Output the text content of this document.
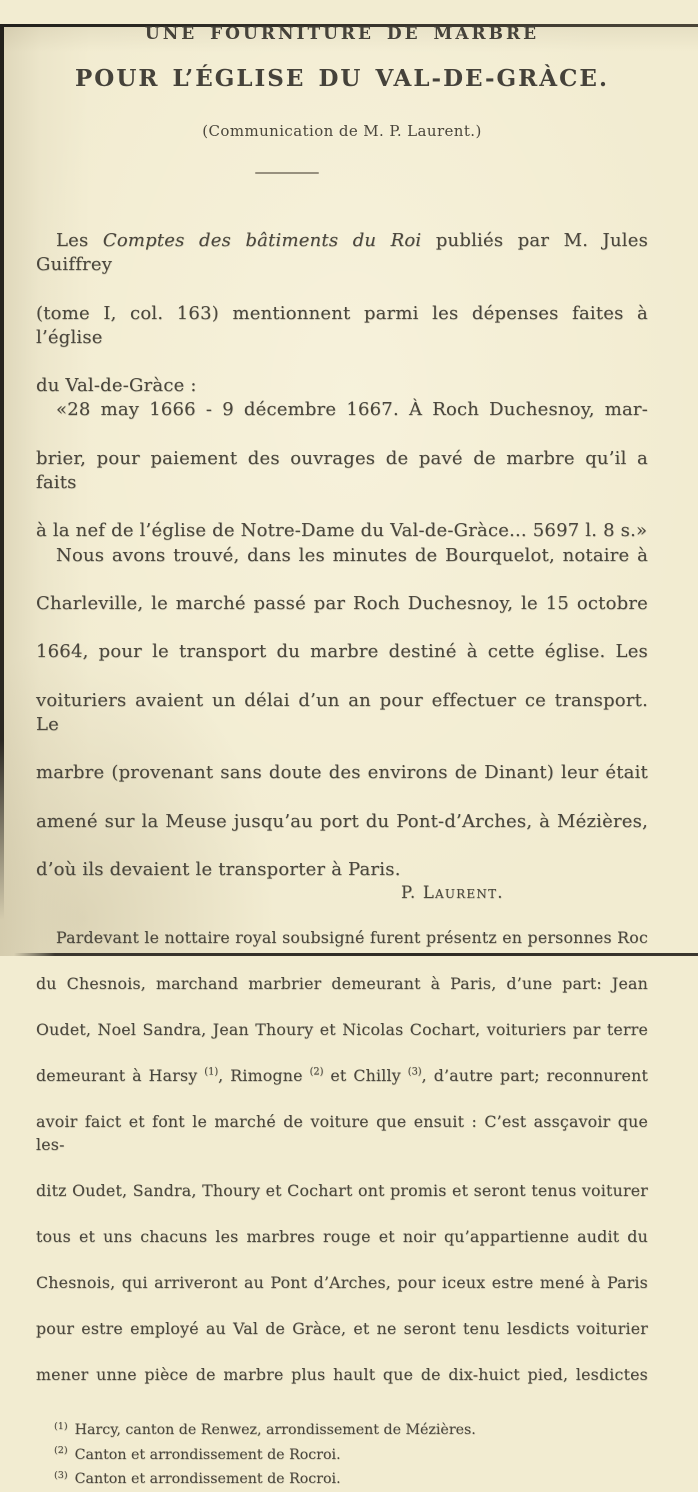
UNE FOURNITURE DE MARBRE
POUR L’ÉGLISE DU VAL-DE-GRÀCE.
(Communication de M. P. Laurent.)
Les Comptes des bâtiments du Roi publiés par M. Jules Guiffrey
(tome I, col. 163) mentionnent parmi les dépenses faites à l’église
du Val-de-Gràce :
«28 may 1666 - 9 décembre 1667. À Roch Duchesnoy, mar-
brier, pour paiement des ouvrages de pavé de marbre qu’il a faits
à la nef de l’église de Notre-Dame du Val-de-Gràce... 5697 l. 8 s.»
Nous avons trouvé, dans les minutes de Bourquelot, notaire à
Charleville, le marché passé par Roch Duchesnoy, le 15 octobre
1664, pour le transport du marbre destiné à cette église. Les
voituriers avaient un délai d’un an pour effectuer ce transport. Le
marbre (provenant sans doute des environs de Dinant) leur était
amené sur la Meuse jusqu’au port du Pont-d’Arches, à Mézières,
d’où ils devaient le transporter à Paris.
P. Laurent.
Pardevant le nottaire royal soubsigné furent présentz en personnes Roc
du Chesnois, marchand marbrier demeurant à Paris, d’une part: Jean
Oudet, Noel Sandra, Jean Thoury et Nicolas Cochart, voituriers par terre
demeurant à Harsy $^{(1)}$, Rimogne $^{(2)}$ et Chilly $^{(3)}$, d’autre part; reconnurent
avoir faict et font le marché de voiture que ensuit : C’est assçavoir que les-
ditz Oudet, Sandra, Thoury et Cochart ont promis et seront tenus voiturer
tous et uns chacuns les marbres rouge et noir qu’appartienne audit du
Chesnois, qui arriveront au Pont d’Arches, pour iceux estre mené à Paris
pour estre employé au Val de Gràce, et ne seront tenu lesdicts voiturier
mener unne pièce de marbre plus hault que de dix-huict pied, lesdictes
$^{(1)}$ Harcy, canton de Renwez, arrondissement de Mézières.
$^{(2)}$ Canton et arrondissement de Rocroi.
$^{(3)}$ Canton et arrondissement de Rocroi.
